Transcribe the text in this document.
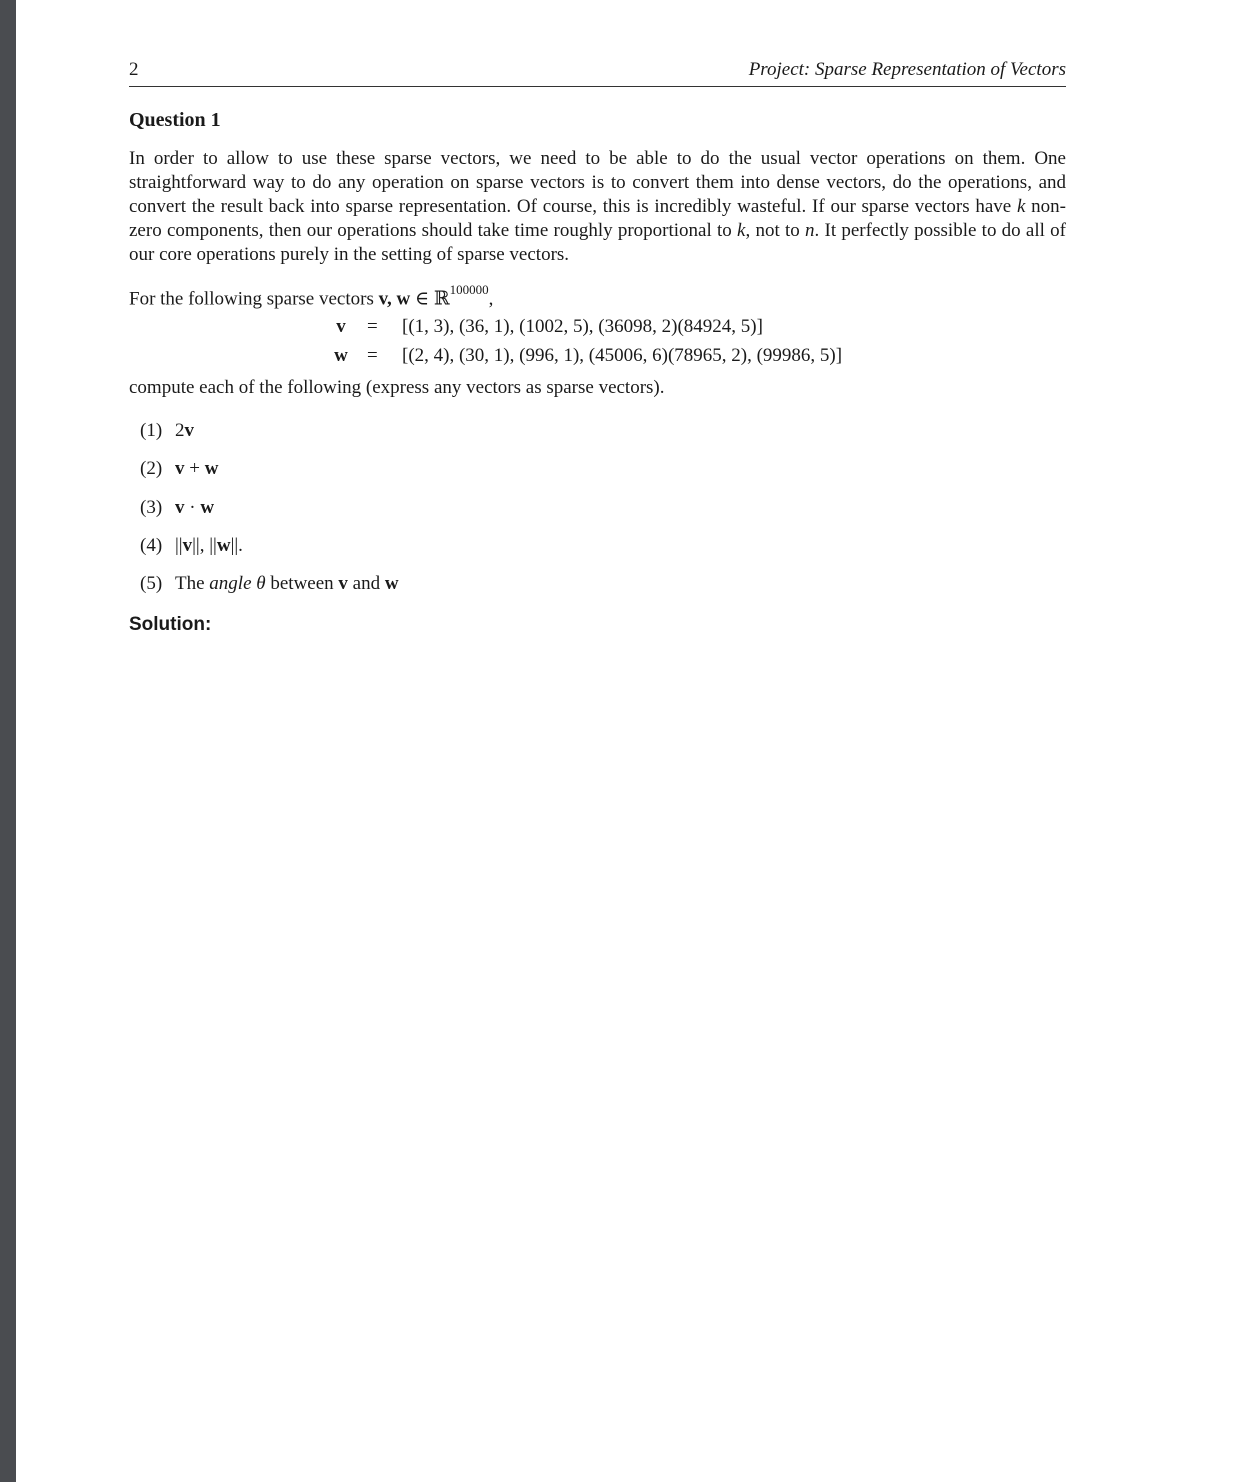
2	Project: Sparse Representation of Vectors
Question 1

In order to allow to use these sparse vectors, we need to be able to do the usual vector operations on them. One straightforward way to do any operation on sparse vectors is to convert them into dense vectors, do the operations, and convert the result back into sparse representation. Of course, this is incredibly wasteful. If our sparse vectors have k non-zero components, then our operations should take time roughly proportional to k, not to n. It perfectly possible to do all of our core operations purely in the setting of sparse vectors.

For the following sparse vectors v, w ∈ ℝ$^{100000}$,
v	= [(1, 3), (36, 1), (1002, 5), (36098, 2)(84924, 5)]
w	= [(2, 4), (30, 1), (996, 1), (45006, 6)(78965, 2), (99986, 5)]
compute each of the following (express any vectors as sparse vectors).
(1) 2v
(2) v + w
(3) v · w
(4) ||v||, ||w||.
(5) The angle θ between v and w
Solution:
